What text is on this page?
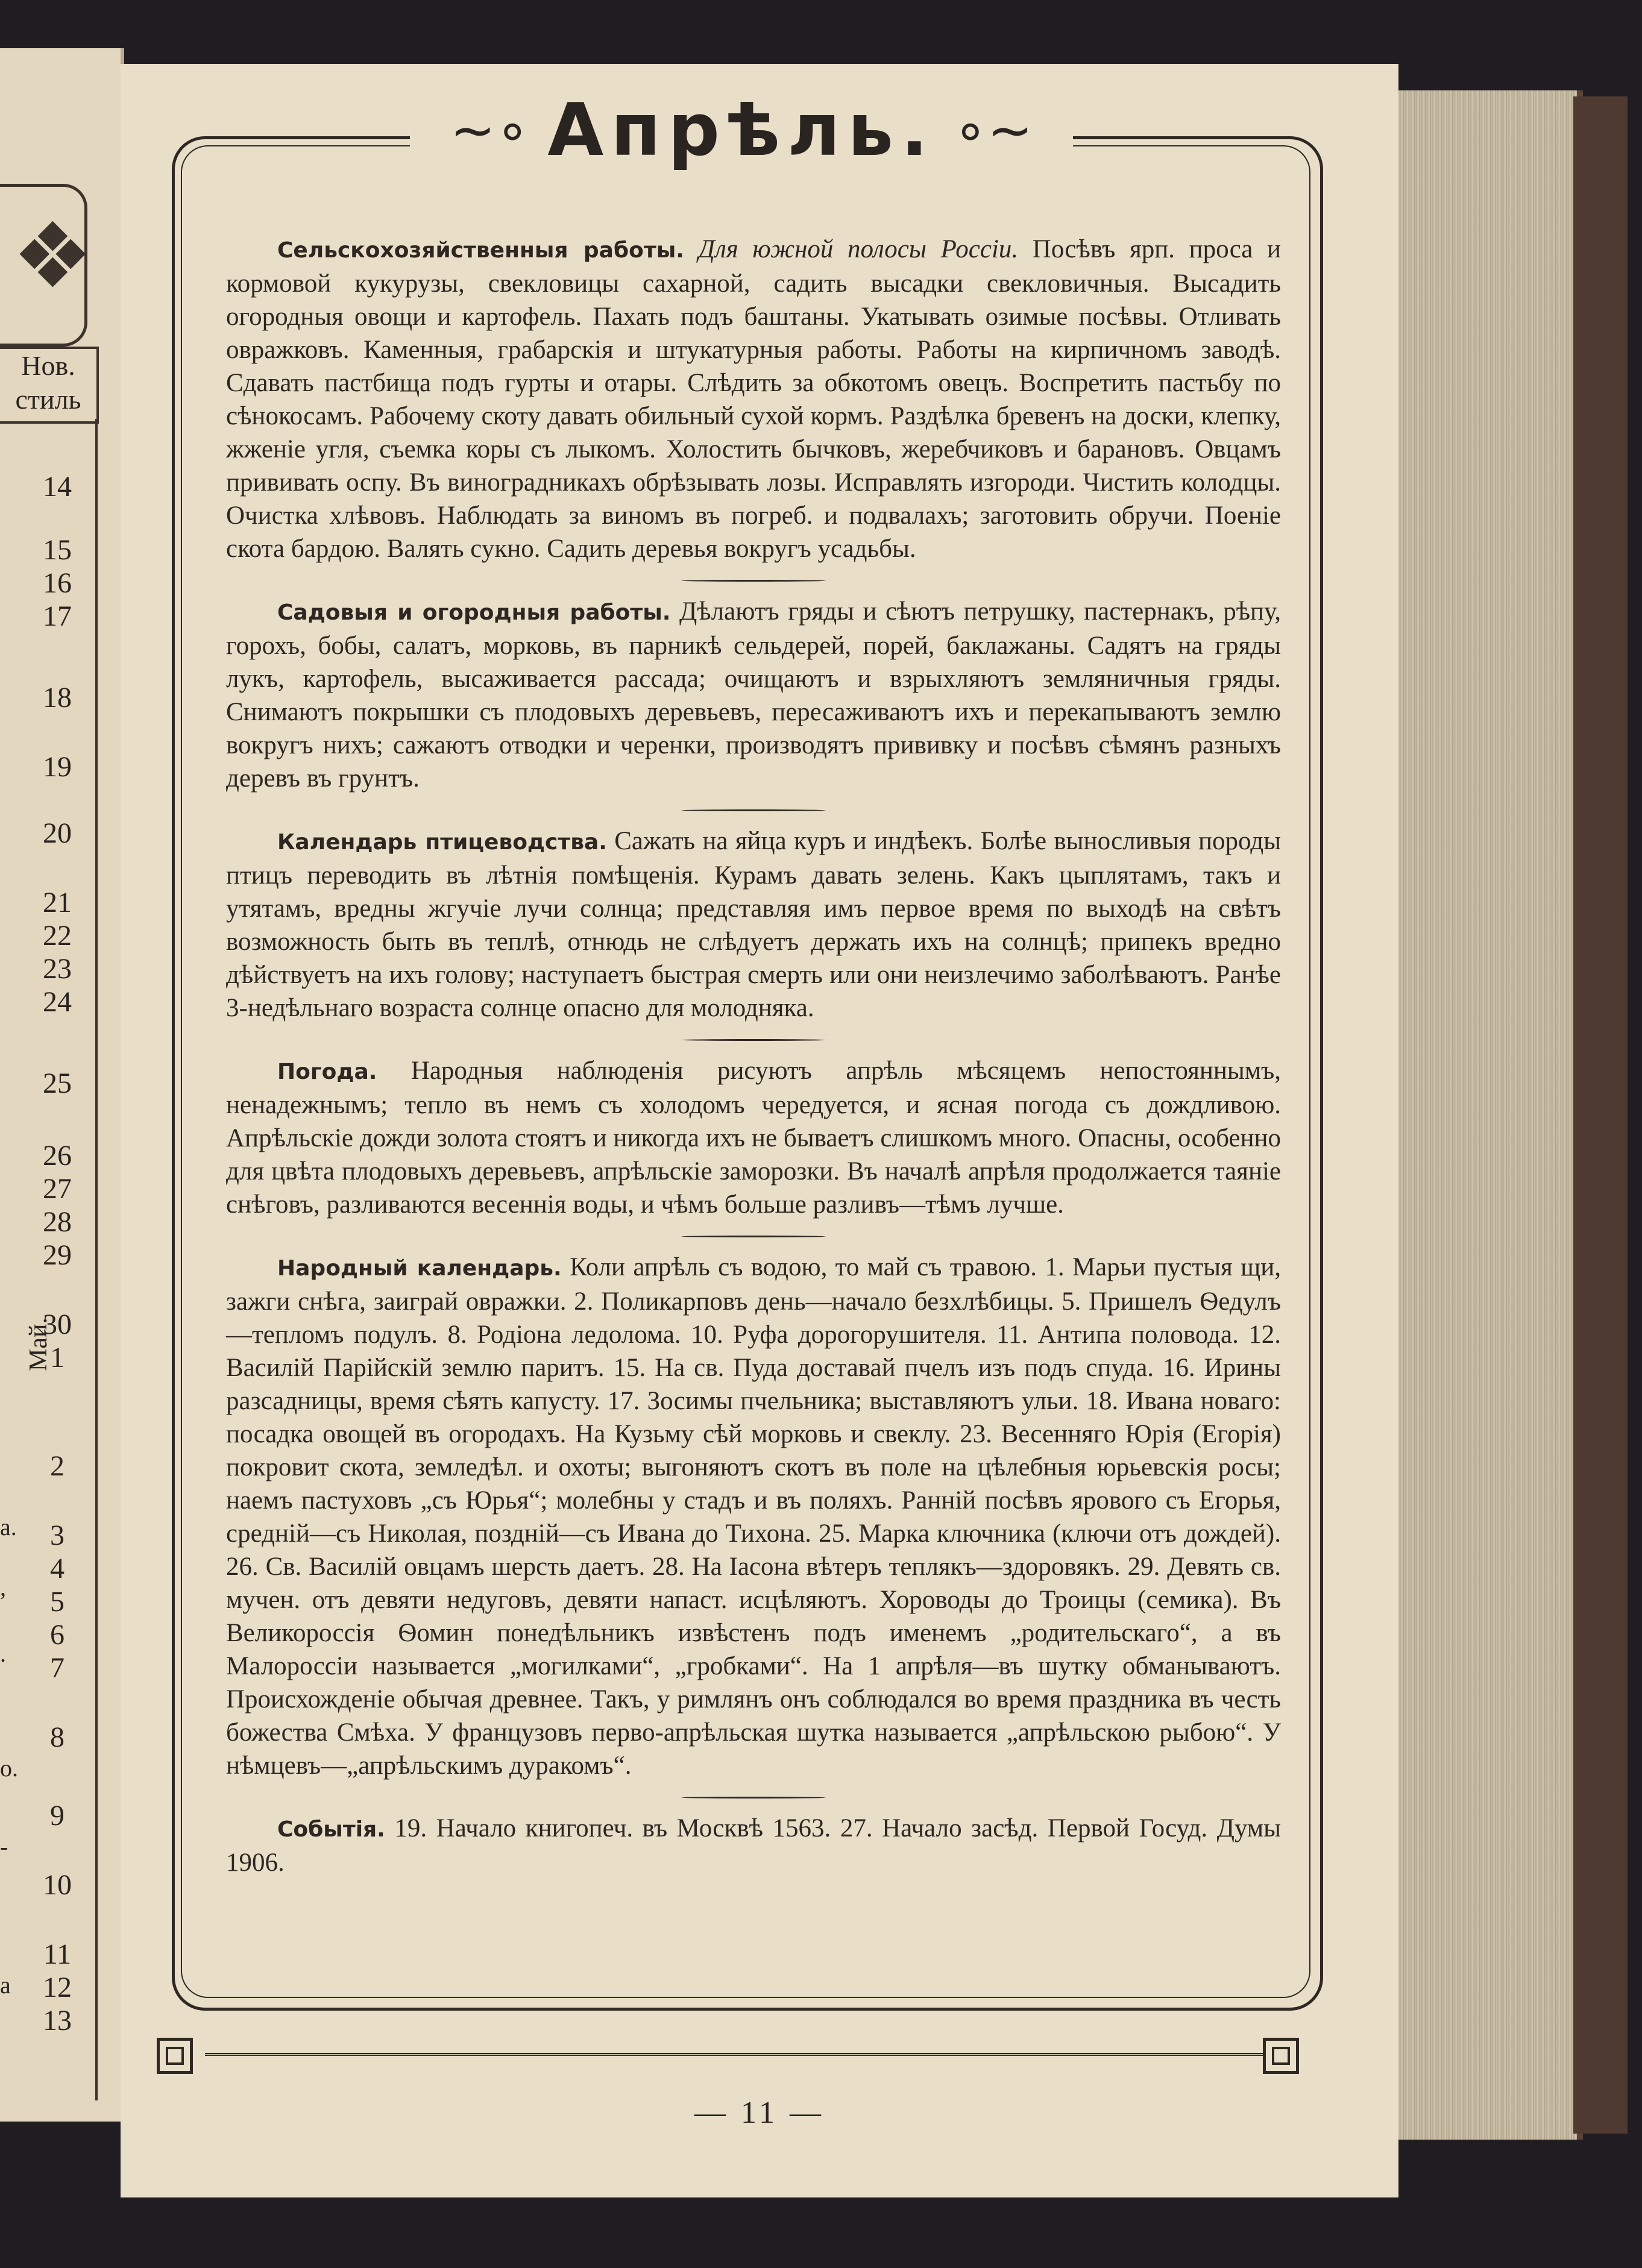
❖
Нов.
стиль
14
15
16
17
18
19
20
21
22
23
24
25
26
27
28
29
30
1
2
3
4
5
6
7
8
9
10
11
12
13
Май.
а.
,
.
о.
-
а
~∘ Апрѣль. ∘~

Сельскохозяйственныя работы. Для южной полосы Россіи. Посѣвъ ярп. проса и кормовой кукурузы, свекловицы сахарной, садить высадки свекловичныя. Высадить огородныя овощи и картофель. Пахать подъ баштаны. Укатывать озимые посѣвы. Отливать овражковъ. Каменныя, грабарскія и штукатурныя работы. Работы на кирпичномъ заводѣ. Сдавать пастбища подъ гурты и отары. Слѣдить за обкотомъ овецъ. Воспретить пастьбу по сѣнокосамъ. Рабочему скоту давать обильный сухой кормъ. Раздѣлка бревенъ на доски, клепку, жженіе угля, съемка коры съ лыкомъ. Холостить бычковъ, жеребчиковъ и барановъ. Овцамъ прививать оспу. Въ виноградникахъ обрѣзывать лозы. Исправлять изгороди. Чистить колодцы. Очистка хлѣвовъ. Наблюдать за виномъ въ погреб. и подвалахъ; заготовить обручи. Поеніе скота бардою. Валять сукно. Садить деревья вокругъ усадьбы.

Садовыя и огородныя работы. Дѣлаютъ гряды и сѣютъ петрушку, пастернакъ, рѣпу, горохъ, бобы, салатъ, морковь, въ парникѣ сельдерей, порей, баклажаны. Садятъ на гряды лукъ, картофель, высаживается рассада; очищаютъ и взрыхляютъ земляничныя гряды. Снимаютъ покрышки съ плодовыхъ деревьевъ, пересаживаютъ ихъ и перекапываютъ землю вокругъ нихъ; сажаютъ отводки и черенки, производятъ прививку и посѣвъ сѣмянъ разныхъ деревъ въ грунтъ.

Календарь птицеводства. Сажать на яйца куръ и индѣекъ. Болѣе выносливыя породы птицъ переводить въ лѣтнія помѣщенія. Курамъ давать зелень. Какъ цыплятамъ, такъ и утятамъ, вредны жгучіе лучи солнца; представляя имъ первое время по выходѣ на свѣтъ возможность быть въ теплѣ, отнюдь не слѣдуетъ держать ихъ на солнцѣ; припекъ вредно дѣйствуетъ на ихъ голову; наступаетъ быстрая смерть или они неизлечимо заболѣваютъ. Ранѣе 3-недѣльнаго возраста солнце опасно для молодняка.

Погода. Народныя наблюденія рисуютъ апрѣль мѣсяцемъ непостояннымъ, ненадежнымъ; тепло въ немъ съ холодомъ чередуется, и ясная погода съ дождливою. Апрѣльскіе дожди золота стоятъ и никогда ихъ не бываетъ слишкомъ много. Опасны, особенно для цвѣта плодовыхъ деревьевъ, апрѣльскіе заморозки. Въ началѣ апрѣля продолжается таяніе снѣговъ, разливаются весеннія воды, и чѣмъ больше разливъ—тѣмъ лучше.

Народный календарь. Коли апрѣль съ водою, то май съ травою. 1. Марьи пустыя щи, зажги снѣга, заиграй овражки. 2. Поликарповъ день—начало безхлѣбицы. 5. Пришелъ Ѳедулъ—тепломъ подулъ. 8. Родіона ледолома. 10. Руфа дорогорушителя. 11. Антипа половода. 12. Василій Парійскій землю паритъ. 15. На св. Пуда доставай пчелъ изъ подъ спуда. 16. Ирины разсадницы, время сѣять капусту. 17. Зосимы пчельника; выставляютъ ульи. 18. Ивана новаго: посадка овощей въ огородахъ. На Кузьму сѣй морковь и свеклу. 23. Весенняго Юрія (Егорія) покровит скота, земледѣл. и охоты; выгоняютъ скотъ въ поле на цѣлебныя юрьевскія росы; наемъ пастуховъ „съ Юрья“; молебны у стадъ и въ поляхъ. Ранній посѣвъ ярового съ Егорья, средній—съ Николая, поздній—съ Ивана до Тихона. 25. Марка ключника (ключи отъ дождей). 26. Св. Василій овцамъ шерсть даетъ. 28. На Іасона вѣтеръ теплякъ—здоровякъ. 29. Девять св. мучен. отъ девяти недуговъ, девяти напаст. исцѣляютъ. Хороводы до Троицы (семика). Въ Великороссія Ѳомин понедѣльникъ извѣстенъ подъ именемъ „родительскаго“, а въ Малороссіи называется „могилками“, „гробками“. На 1 апрѣля—въ шутку обманываютъ. Происхожденіе обычая древнее. Такъ, у римлянъ онъ соблюдался во время праздника въ честь божества Смѣха. У французовъ перво-апрѣльская шутка называется „апрѣльскою рыбою“. У нѣмцевъ—„апрѣльскимъ дуракомъ“.

Событія. 19. Начало книгопеч. въ Москвѣ 1563. 27. Начало засѣд. Первой Госуд. Думы 1906.

— 11 —
